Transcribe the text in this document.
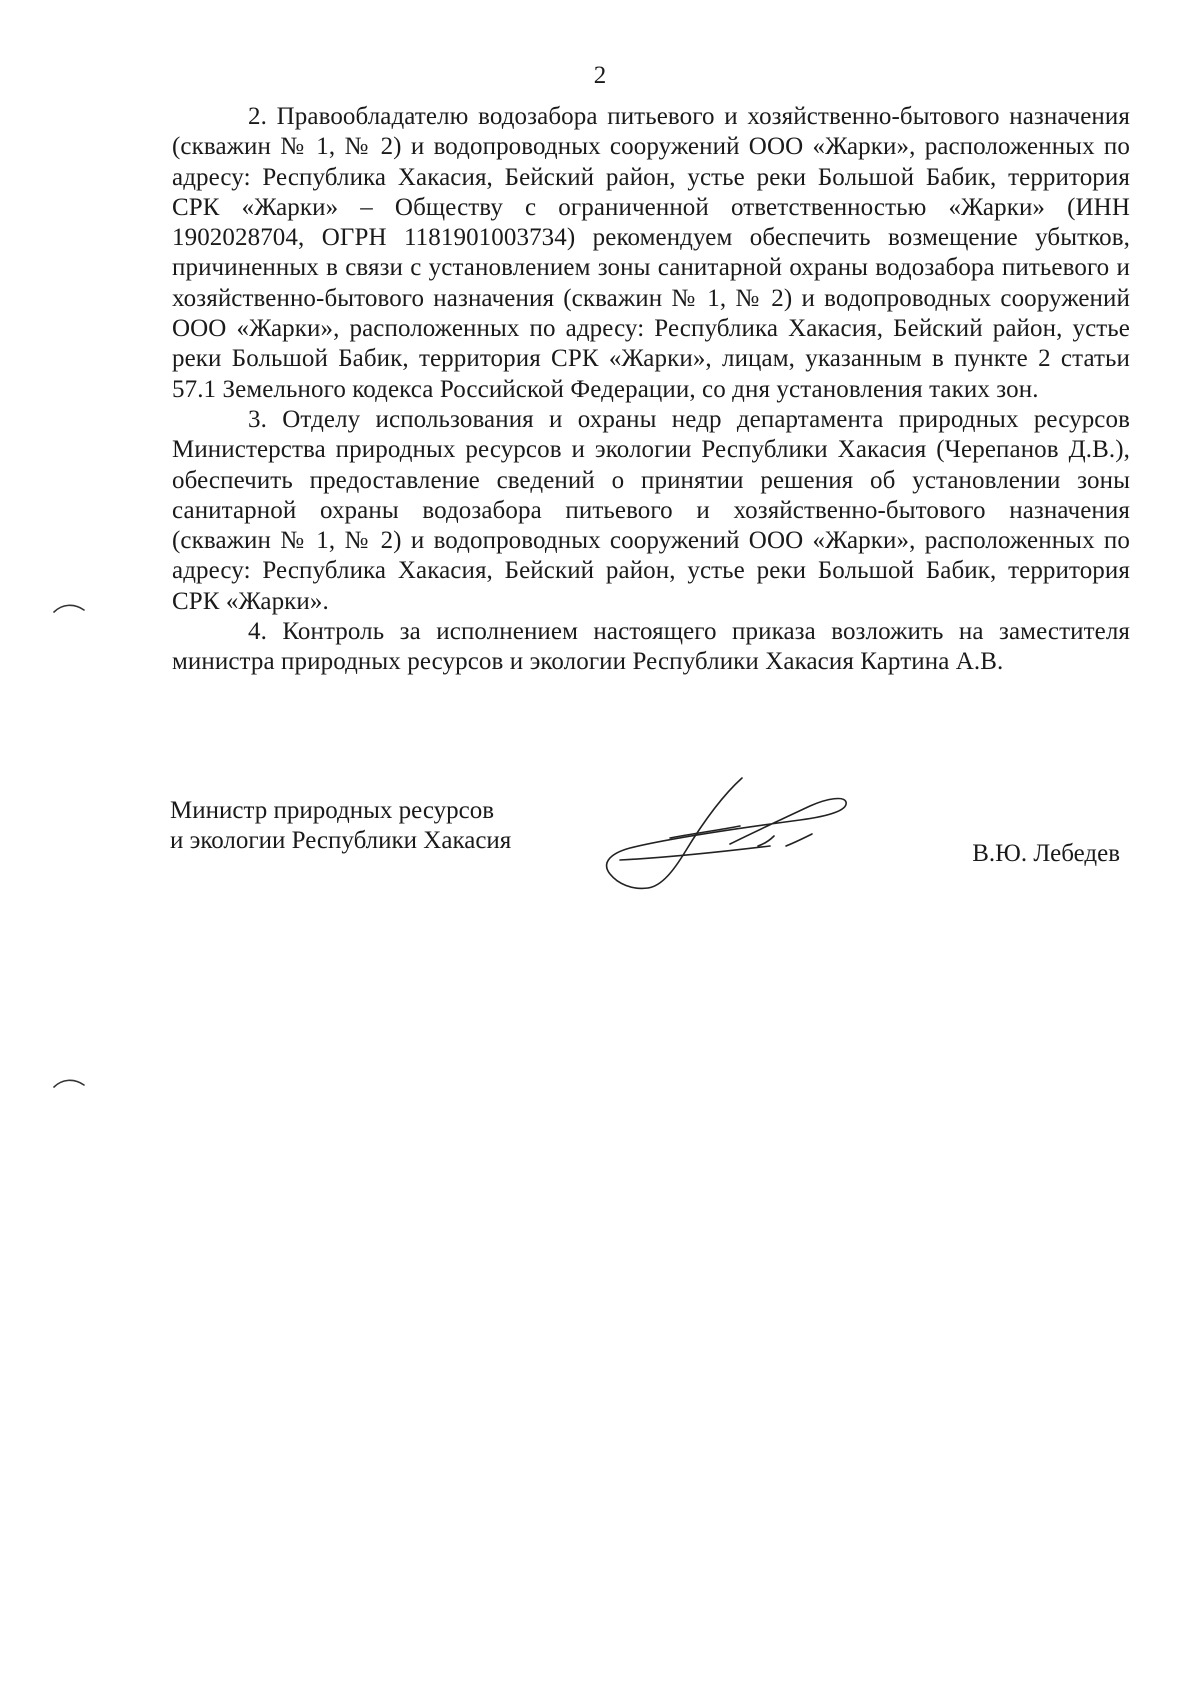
2

2. Правообладателю водозабора питьевого и хозяйственно-бытового назначения (скважин № 1, № 2) и водопроводных сооружений ООО «Жарки», расположенных по адресу: Республика Хакасия, Бейский район, устье реки Большой Бабик, территория СРК «Жарки» – Обществу с ограниченной ответственностью «Жарки» (ИНН 1902028704, ОГРН 1181901003734) рекомендуем обеспечить возмещение убытков, причиненных в связи с установлением зоны санитарной охраны водозабора питьевого и хозяйственно-бытового назначения (скважин № 1, № 2) и водопроводных сооружений ООО «Жарки», расположенных по адресу: Республика Хакасия, Бейский район, устье реки Большой Бабик, территория СРК «Жарки», лицам, указанным в пункте 2 статьи 57.1 Земельного кодекса Российской Федерации, со дня установления таких зон.

3. Отделу использования и охраны недр департамента природных ресурсов Министерства природных ресурсов и экологии Республики Хакасия (Черепанов Д.В.), обеспечить предоставление сведений о принятии решения об установлении зоны санитарной охраны водозабора питьевого и хозяйственно-бытового назначения (скважин № 1, № 2) и водопроводных сооружений ООО «Жарки», расположенных по адресу: Республика Хакасия, Бейский район, устье реки Большой Бабик, территория СРК «Жарки».

4. Контроль за исполнением настоящего приказа возложить на заместителя министра природных ресурсов и экологии Республики Хакасия Картина А.В.

Министр природных ресурсов
и экологии Республики Хакасия	В.Ю. Лебедев
